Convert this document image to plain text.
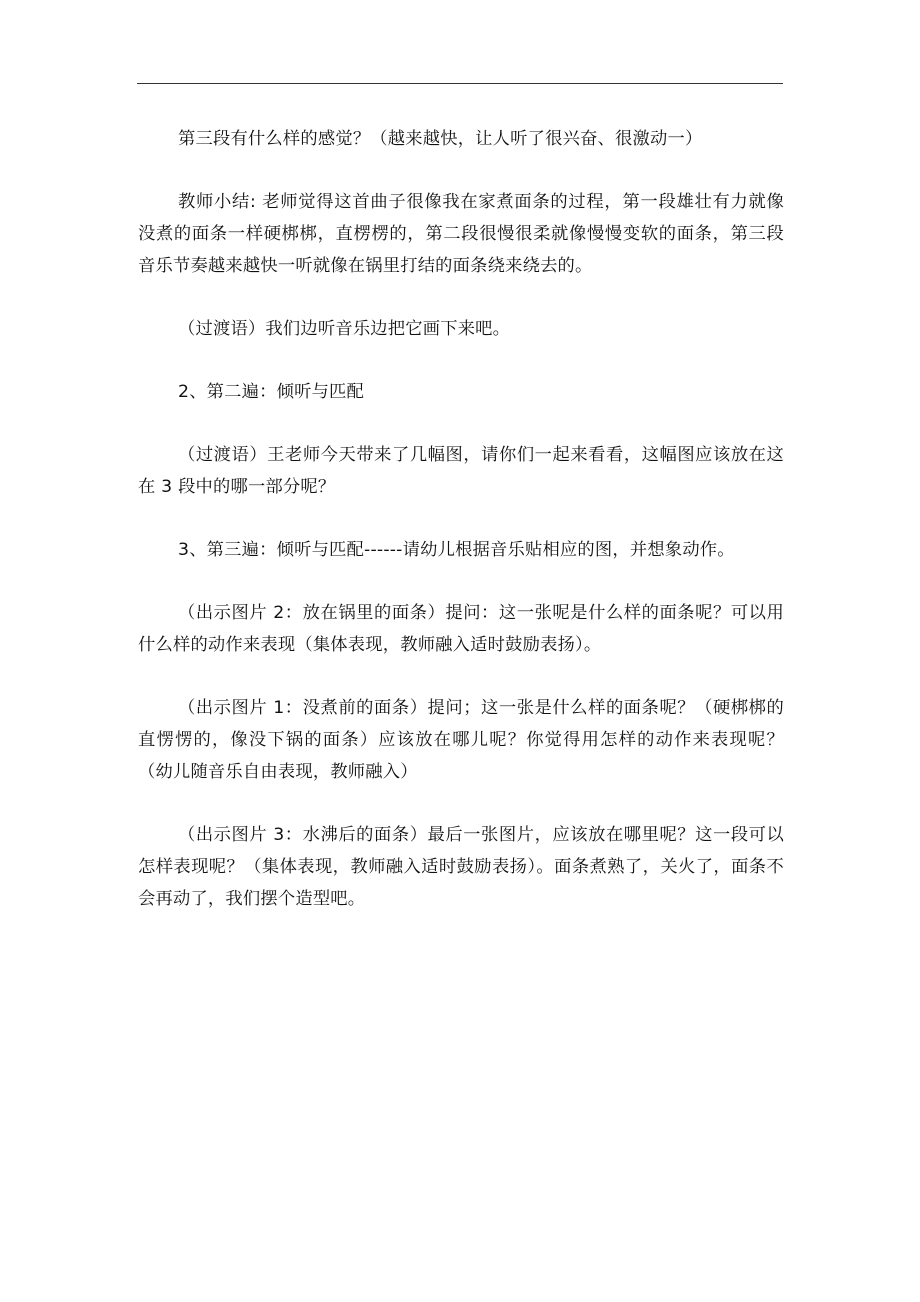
第三段有什么样的感觉？（越来越快，让人听了很兴奋、很激动一）

教师小结: 老师觉得这首曲子很像我在家煮面条的过程，第一段雄壮有力就像没煮的面条一样硬梆梆，直楞楞的，第二段很慢很柔就像慢慢变软的面条，第三段音乐节奏越来越快一听就像在锅里打结的面条绕来绕去的。

（过渡语）我们边听音乐边把它画下来吧。

2、第二遍：倾听与匹配

（过渡语）王老师今天带来了几幅图，请你们一起来看看，这幅图应该放在这在 3 段中的哪一部分呢？

3、第三遍：倾听与匹配------请幼儿根据音乐贴相应的图，并想象动作。

（出示图片 2：放在锅里的面条）提问：这一张呢是什么样的面条呢？可以用什么样的动作来表现（集体表现，教师融入适时鼓励表扬）。

（出示图片 1：没煮前的面条）提问；这一张是什么样的面条呢？（硬梆梆的直愣愣的，像没下锅的面条）应该放在哪儿呢？你觉得用怎样的动作来表现呢？（幼儿随音乐自由表现，教师融入）

（出示图片 3：水沸后的面条）最后一张图片，应该放在哪里呢？这一段可以怎样表现呢？（集体表现，教师融入适时鼓励表扬）。面条煮熟了，关火了，面条不会再动了，我们摆个造型吧。
